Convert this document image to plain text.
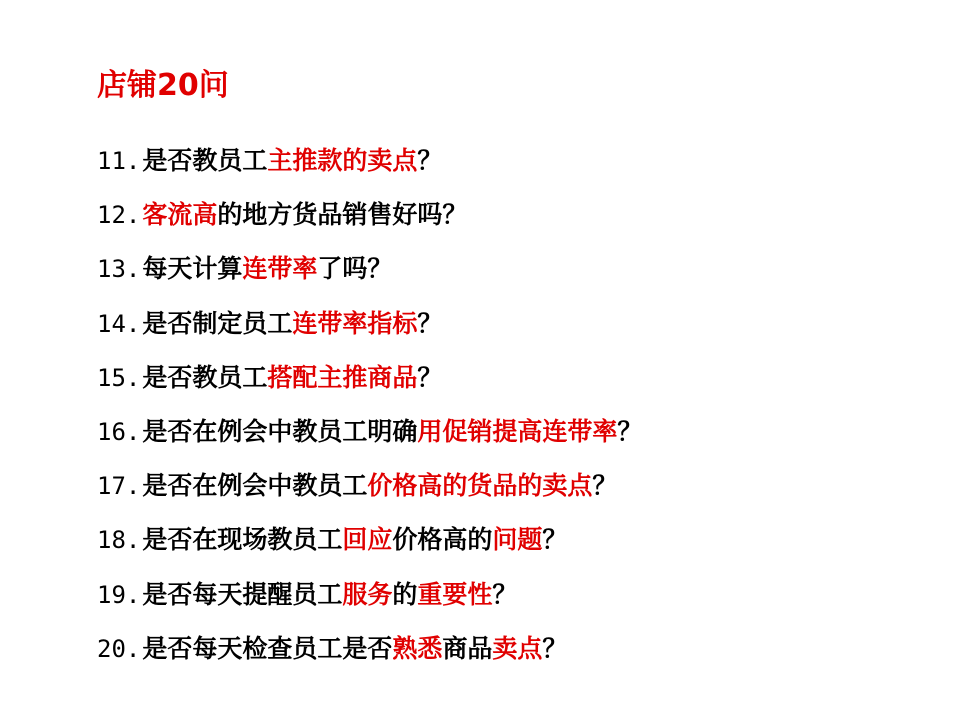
店铺20问
11.是否教员工主推款的卖点？
12.客流高的地方货品销售好吗？
13.每天计算连带率了吗？
14.是否制定员工连带率指标？
15.是否教员工搭配主推商品？
16.是否在例会中教员工明确用促销提高连带率？
17.是否在例会中教员工价格高的货品的卖点？
18.是否在现场教员工回应价格高的问题？
19.是否每天提醒员工服务的重要性？
20.是否每天检查员工是否熟悉商品卖点？
